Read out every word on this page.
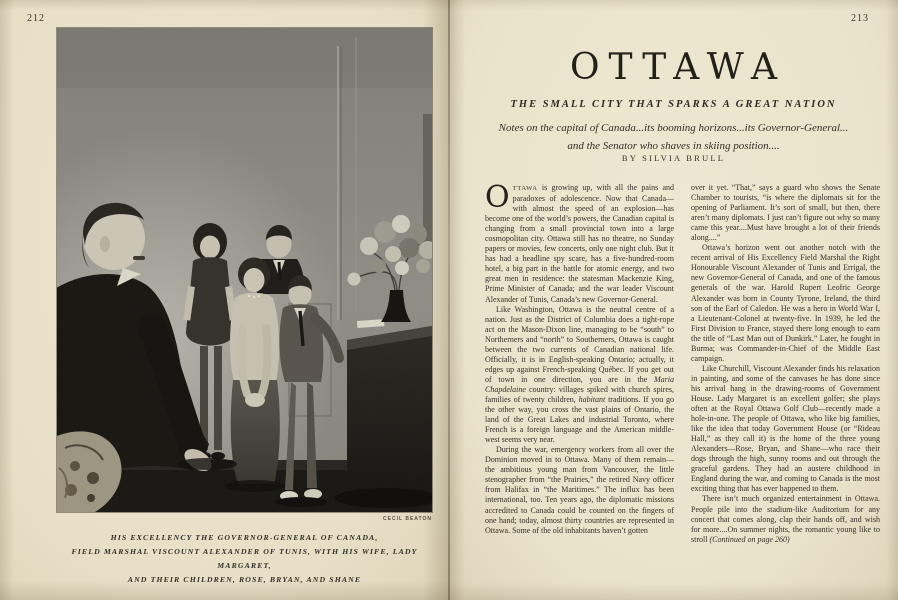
212
CECIL BEATON
HIS EXCELLENCY THE GOVERNOR-GENERAL OF CANADA,
FIELD MARSHAL VISCOUNT ALEXANDER OF TUNIS, WITH HIS WIFE, LADY MARGARET,
AND THEIR CHILDREN, ROSE, BRYAN, AND SHANE
213
OTTAWA
THE SMALL CITY THAT SPARKS A GREAT NATION
Notes on the capital of Canada...its booming horizons...its Governor-General...
and the Senator who shaves in skiing position....
BY SILVIA BRULL

OTTAWA is growing up, with all the pains and paradoxes of adolescence. Now that Canada—with almost the speed of an explosion—has become one of the world’s powers, the Canadian capital is changing from a small provincial town into a large cosmopolitan city. Ottawa still has no theatre, no Sunday papers or movies, few concerts, only one night club. But it has had a headline spy scare, has a five-hundred-room hotel, a big part in the battle for atomic energy, and two great men in residence: the statesman Mackenzie King, Prime Minister of Canada; and the war leader Viscount Alexander of Tunis, Canada’s new Governor-General.

Like Washington, Ottawa is the neutral centre of a nation. Just as the District of Columbia does a tight-rope act on the Mason-Dixon line, managing to be “south” to Northerners and “north” to Southerners, Ottawa is caught between the two currents of Canadian national life. Officially, it is in English-speaking Ontario; actually, it edges up against French-speaking Québec. If you get out of town in one direction, you are in the Maria Chapdelaine country: villages spiked with church spires, families of twenty children, habitant traditions. If you go the other way, you cross the vast plains of Ontario, the land of the Great Lakes and industrial Toronto, where French is a foreign language and the American middle-west seems very near.

During the war, emergency workers from all over the Dominion moved in to Ottawa. Many of them remain—the ambitious young man from Vancouver, the little stenographer from “the Prairies,” the retired Navy officer from Halifax in “the Maritimes.” The influx has been international, too. Ten years ago, the diplomatic missions accredited to Canada could be counted on the fingers of one hand; today, almost thirty countries are represented in Ottawa. Some of the old inhabitants haven’t gotten

over it yet. “That,” says a guard who shows the Senate Chamber to tourists, “is where the diplomats sit for the opening of Parliament. It’s sort of small, but then, there aren’t many diplomats. I just can’t figure out why so many came this year....Must have brought a lot of their friends along....”

Ottawa’s horizon went out another notch with the recent arrival of His Excellency Field Marshal the Right Honourable Viscount Alexander of Tunis and Errigal, the new Governor-General of Canada, and one of the famous generals of the war. Harold Rupert Leofric George Alexander was born in County Tyrone, Ireland, the third son of the Earl of Caledon. He was a hero in World War I, a Lieutenant-Colonel at twenty-five. In 1939, he led the First Division to France, stayed there long enough to earn the title of “Last Man out of Dunkirk.” Later, he fought in Burma; was Commander-in-Chief of the Middle East campaign.

Like Churchill, Viscount Alexander finds his relaxation in painting, and some of the canvases he has done since his arrival hang in the drawing-rooms of Government House. Lady Margaret is an excellent golfer; she plays often at the Royal Ottawa Golf Club—recently made a hole-in-one. The people of Ottawa, who like big families, like the idea that today Government House (or “Rideau Hall,” as they call it) is the home of the three young Alexanders—Rose, Bryan, and Shane—who race their dogs through the high, sunny rooms and out through the graceful gardens. They had an austere childhood in England during the war, and coming to Canada is the most exciting thing that has ever happened to them.

There isn’t much organized entertainment in Ottawa. People pile into the stadium-like Auditorium for any concert that comes along, clap their hands off, and wish for more....On summer nights, the romantic young like to stroll (Continued on page 260)
